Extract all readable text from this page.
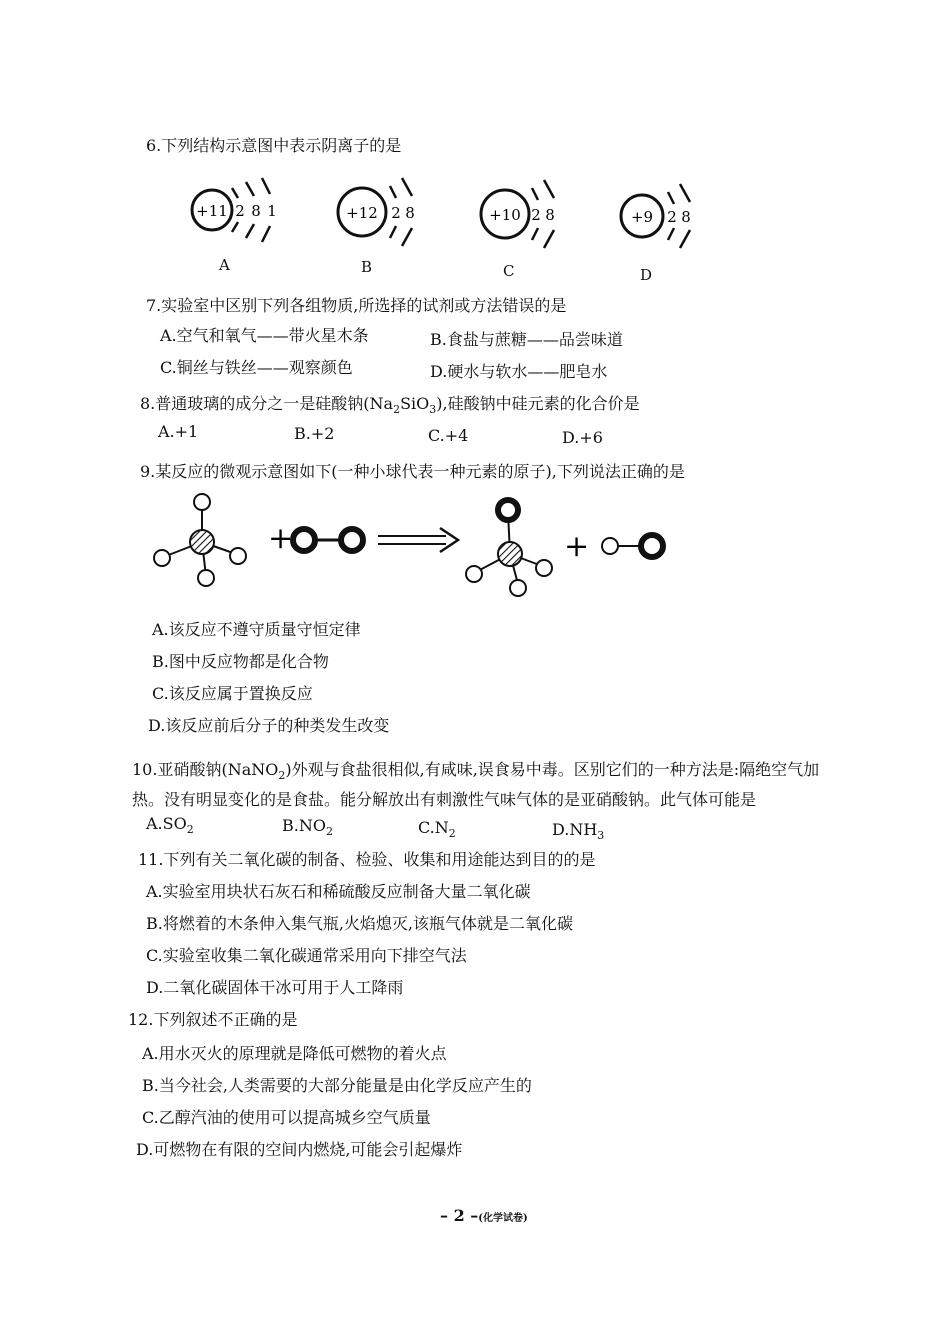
6.下列结构示意图中表示阴离子的是
+11 2 8 1
A
+12 2 8
B
+10 2 8
C
+9 2 8
D
7.实验室中区别下列各组物质,所选择的试剂或方法错误的是
A.空气和氧气——带火星木条	B.食盐与蔗糖——品尝味道
C.铜丝与铁丝——观察颜色	D.硬水与软水——肥皂水
8.普通玻璃的成分之一是硅酸钠$(Na_2SiO_3)$,硅酸钠中硅元素的化合价是
A.+1	B.+2	C.+4	D.+6
9.某反应的微观示意图如下(一种小球代表一种元素的原子),下列说法正确的是
+	+
A.该反应不遵守质量守恒定律
B.图中反应物都是化合物
C.该反应属于置换反应
D.该反应前后分子的种类发生改变
10.亚硝酸钠(NaNO$_2$)外观与食盐很相似,有咸味,误食易中毒。区别它们的一种方法是:隔绝空气加
热。没有明显变化的是食盐。能分解放出有刺激性气味气体的是亚硝酸钠。此气体可能是
$A.SO_2$	$B.NO_2$	$C.N_2$	$D.NH_3$
11.下列有关二氧化碳的制备、检验、收集和用途能达到目的的是
A.实验室用块状石灰石和稀硫酸反应制备大量二氧化碳
B.将燃着的木条伸入集气瓶,火焰熄灭,该瓶气体就是二氧化碳
C.实验室收集二氧化碳通常采用向下排空气法
D.二氧化碳固体干冰可用于人工降雨
12.下列叙述不正确的是
A.用水灭火的原理就是降低可燃物的着火点
B.当今社会,人类需要的大部分能量是由化学反应产生的
C.乙醇汽油的使用可以提高城乡空气质量
D.可燃物在有限的空间内燃烧,可能会引起爆炸
– 2 –(化学试卷)
